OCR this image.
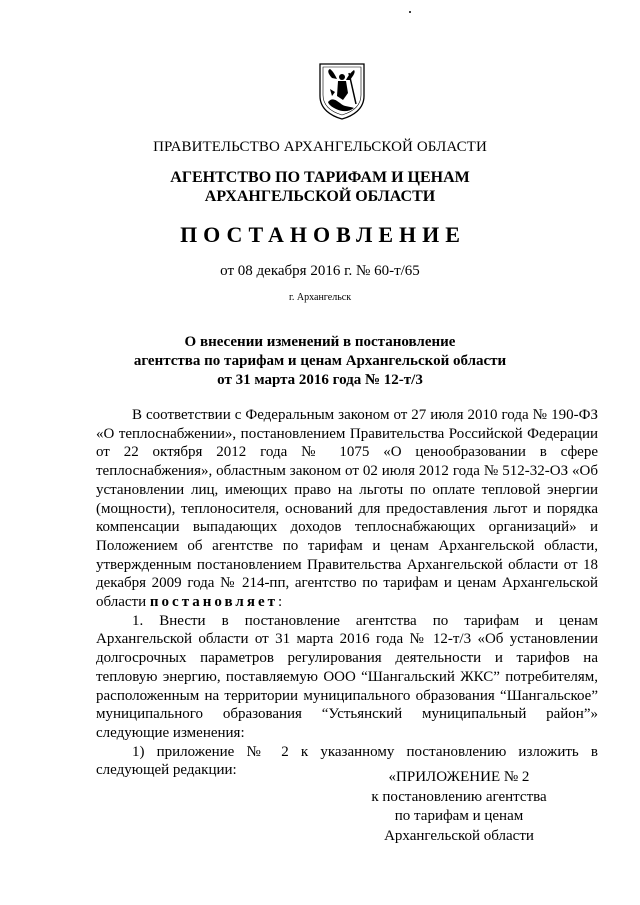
ПРАВИТЕЛЬСТВО АРХАНГЕЛЬСКОЙ ОБЛАСТИ
АГЕНТСТВО ПО ТАРИФАМ И ЦЕНАМ
АРХАНГЕЛЬСКОЙ ОБЛАСТИ
ПОСТАНОВЛЕНИЕ
от 08 декабря 2016 г. № 60-т/65
г. Архангельск
О внесении изменений в постановление
агентства по тарифам и ценам Архангельской области
от 31 марта 2016 года № 12-т/3

В соответствии с Федеральным законом от 27 июля 2010 года № 190-ФЗ «О теплоснабжении», постановлением Правительства Российской Федерации от 22 октября 2012 года № 1075 «О ценообразовании в сфере теплоснабжения», областным законом от 02 июля 2012 года № 512-32-ОЗ «Об установлении лиц, имеющих право на льготы по оплате тепловой энергии (мощности), теплоносителя, оснований для предоставления льгот и порядка компенсации выпадающих доходов теплоснабжающих организаций» и Положением об агентстве по тарифам и ценам Архангельской области, утвержденным постановлением Правительства Архангельской области от 18 декабря 2009 года № 214-пп, агентство по тарифам и ценам Архангельской области постановляет:

1. Внести в постановление агентства по тарифам и ценам Архангельской области от 31 марта 2016 года № 12-т/3 «Об установлении долгосрочных параметров регулирования деятельности и тарифов на тепловую энергию, поставляемую ООО “Шангальский ЖКС” потребителям, расположенным на территории муниципального образования “Шангальское” муниципального образования “Устьянский муниципальный район”» следующие изменения:

1) приложение № 2 к указанному постановлению изложить в следующей редакции:	«ПРИЛОЖЕНИЕ № 2
к постановлению агентства
по тарифам и ценам
Архангельской области
